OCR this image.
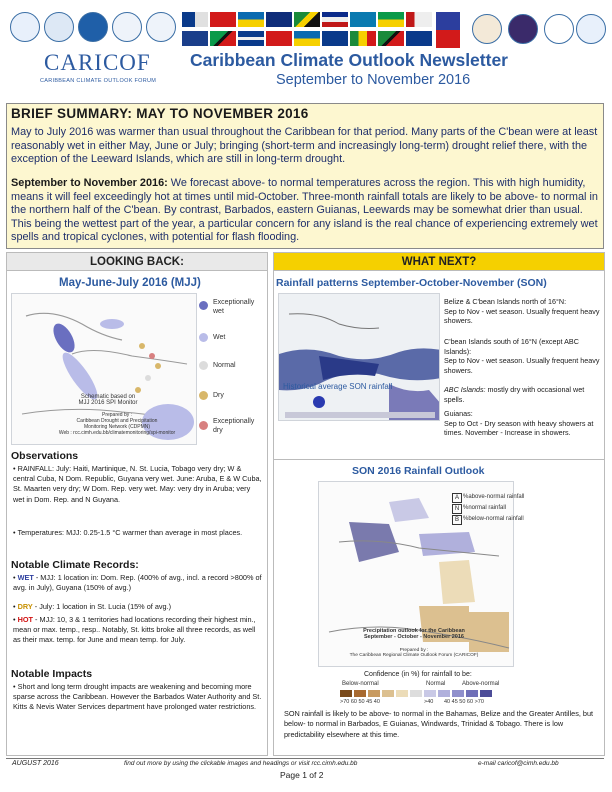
CARICOF
CARIBBEAN CLIMATE OUTLOOK FORUM
Caribbean Climate Outlook Newsletter
September to November 2016
BRIEF SUMMARY: MAY TO NOVEMBER 2016
May to July 2016 was warmer than usual throughout the Caribbean for that period. Many parts of the C'bean were at least reasonably wet in either May, June or July; bringing (short-term and increasingly long-term) drought relief there, with the exception of the Leeward Islands, which are still in long-term drought.
September to November 2016: We forecast above- to normal temperatures across the region. This with high humidity, means it will feel exceedingly hot at times until mid-October. Three-month rainfall totals are likely to be above- to normal in the northern half of the C'bean. By contrast, Barbados, eastern Guianas, Leewards may be somewhat drier than usual. This being the wettest part of the year, a particular concern for any island is the real chance of experiencing extremely wet spells and tropical cyclones, with potential for flash flooding.
LOOKING BACK:
May-June-July 2016 (MJJ)
Schematic based on
MJJ 2016 SPI Monitor
Prepared by :
Caribbean Drought and Precipitation
Monitoring Network (CDPMN)
Web : rcc.cimh.edu.bb/climatemonitoring/spi-monitor
Exceptionally wet
Wet
Normal
Dry
Exceptionally dry
Observations
• RAINFALL: July: Haiti, Martinique, N. St. Lucia, Tobago very dry; W & central Cuba, N Dom. Republic, Guyana very wet. June: Aruba, E & W Cuba, St. Maarten very dry; W Dom. Rep. very wet. May: very dry in Aruba; very wet in Dom. Rep. and N Guyana.
• Temperatures: MJJ: 0.25-1.5 °C warmer than average in most places.
Notable Climate Records:
• WET - MJJ: 1 location in: Dom. Rep. (400% of avg., incl. a record >800% of avg. in July), Guyana (150% of avg.)
• DRY - July: 1 location in St. Lucia (15% of avg.)
• HOT - MJJ: 10, 3 & 1 territories had locations recording their highest min., mean or max. temp., resp.. Notably, St. kitts broke all three records, as well as their max. temp. for June and mean temp. for July.
Notable Impacts
• Short and long term drought impacts are weakening and becoming more sparse across the Caribbean. However the Barbados Water Authority and St. Kitts & Nevis Water Services department have prolonged water restrictions.
WHAT NEXT?
Rainfall patterns September-October-November (SON)
Historical average SON rainfall
Belize & C'bean Islands north of 16°N:
Sep to Nov - wet season. Usually frequent heavy showers.
C'bean Islands south of 16°N (except ABC Islands):
Sep to Nov - wet season. Usually frequent heavy showers.
ABC Islands: mostly dry with occasional wet spells.
Guianas:
Sep to Oct - Dry season with heavy showers at times. November - Increase in showers.
SON 2016 Rainfall Outlook
Precipitation outlook for the Caribbean
September - October - November 2016
Prepared by :
The Caribbean Regional Climate Outlook Forum (CARICOF)
A %above-normal rainfall
N %normal rainfall
B %below-normal rainfall
Confidence (in %) for rainfall to be:
Below-normal	Normal	Above-normal
>70 60 50 45 40	>40 40 45 50 60 >70
SON rainfall is likely to be above- to normal in the Bahamas, Belize and the Greater Antilles, but below- to normal in Barbados, E Guianas, Windwards, Trinidad & Tobago. There is low predictability elsewhere at this time.
AUGUST 2016	find out more by using the clickable images and headings or visit rcc.cimh.edu.bb	e-mail caricof@cimh.edu.bb
Page 1 of 2
